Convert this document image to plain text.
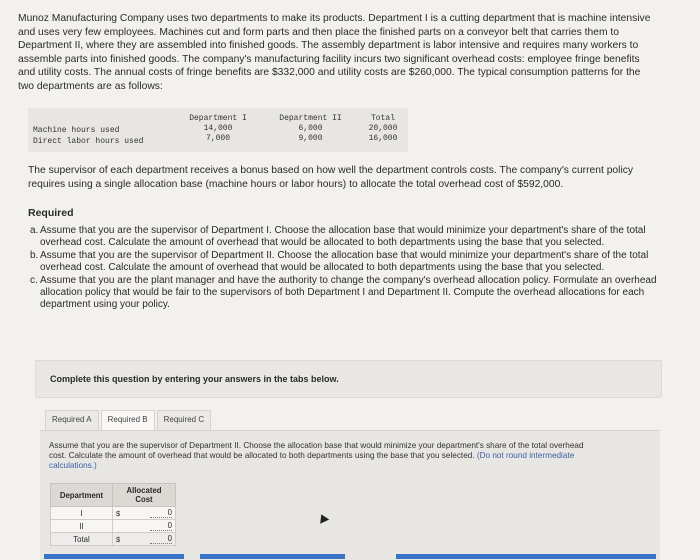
Munoz Manufacturing Company uses two departments to make its products. Department I is a cutting department that is machine intensive and uses very few employees. Machines cut and form parts and then place the finished parts on a conveyor belt that carries them to Department II, where they are assembled into finished goods. The assembly department is labor intensive and requires many workers to assemble parts into finished goods. The company's manufacturing facility incurs two significant overhead costs: employee fringe benefits and utility costs. The annual costs of fringe benefits are $332,000 and utility costs are $260,000. The typical consumption patterns for the two departments are as follows:

Department I	Department II	Total
Machine hours used	14,000	6,000	20,000
Direct labor hours used	7,000	9,000	16,000
The supervisor of each department receives a bonus based on how well the department controls costs. The company's current policy requires using a single allocation base (machine hours or labor hours) to allocate the total overhead cost of $592,000.
Required

a. Assume that you are the supervisor of Department I. Choose the allocation base that would minimize your department's share of the total overhead cost. Calculate the amount of overhead that would be allocated to both departments using the base that you selected.

b. Assume that you are the supervisor of Department II. Choose the allocation base that would minimize your department's share of the total overhead cost. Calculate the amount of overhead that would be allocated to both departments using the base that you selected.

c. Assume that you are the plant manager and have the authority to change the company's overhead allocation policy. Formulate an overhead allocation policy that would be fair to the supervisors of both Department I and Department II. Compute the overhead allocations for each department using your policy.

Complete this question by entering your answers in the tabs below.
Required A	Required B	Required C
Assume that you are the supervisor of Department II. Choose the allocation base that would minimize your department's share of the total overhead cost. Calculate the amount of overhead that would be allocated to both departments using the base that you selected. (Do not round intermediate calculations.)
Department	Allocated Cost	
I	$	0
II		0
Total	$	0
